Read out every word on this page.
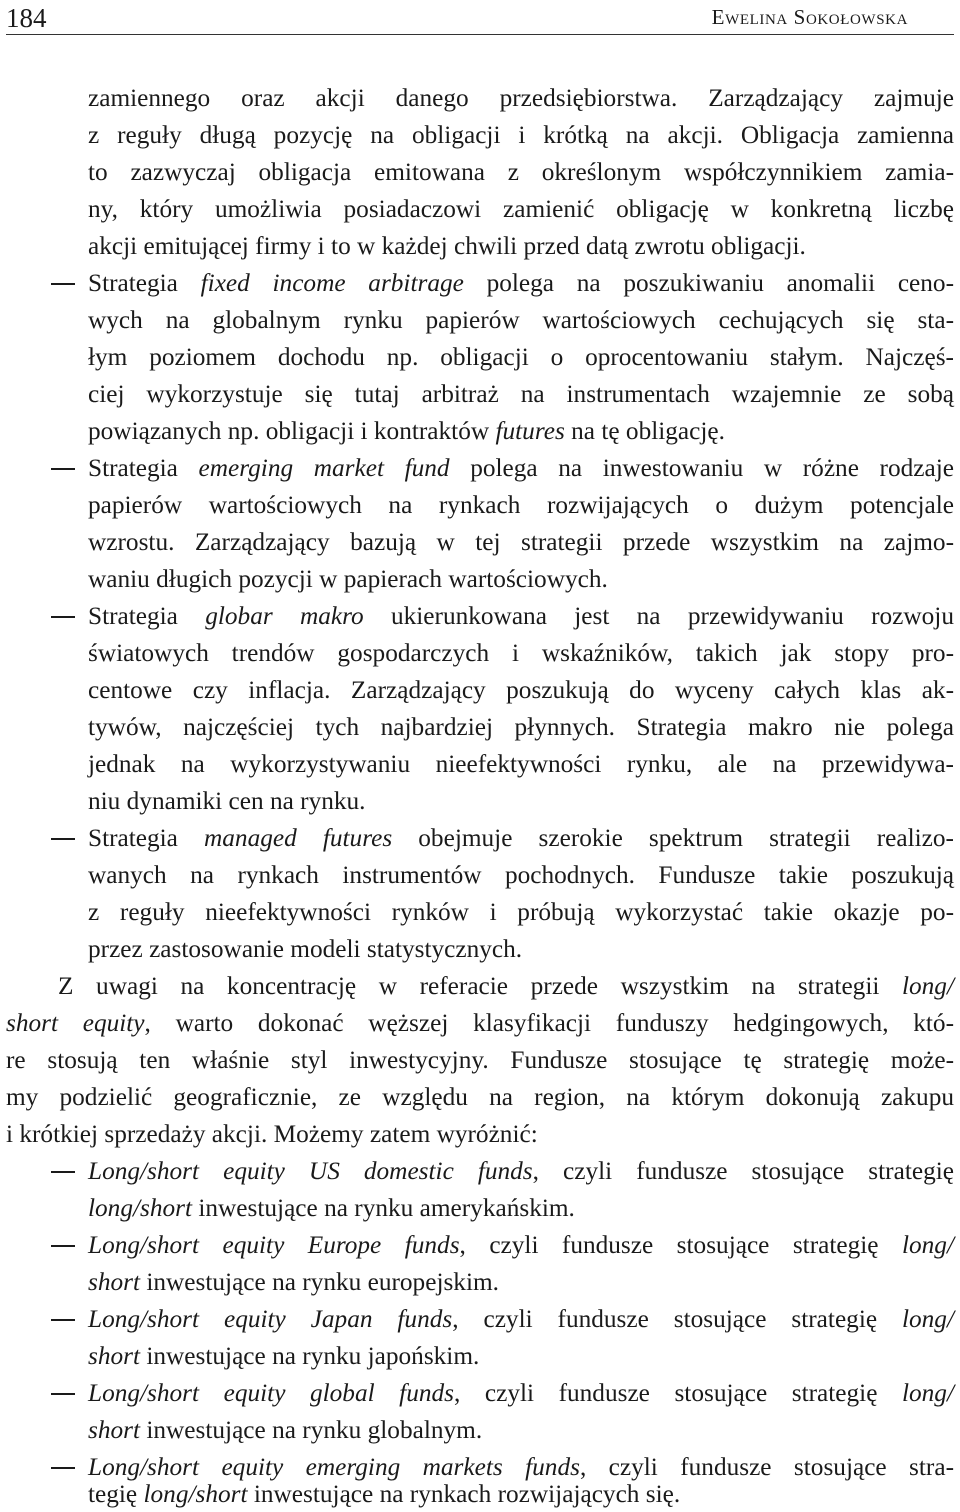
184	Ewelina Sokołowska
zamiennego oraz akcji danego przedsiębiorstwa. Zarządzający zajmuje
z reguły długą pozycję na obligacji i krótką na akcji. Obligacja zamienna
to zazwyczaj obligacja emitowana z określonym współczynnikiem zamia-
ny, który umożliwia posiadaczowi zamienić obligację w konkretną liczbę
akcji emitującej firmy i to w każdej chwili przed datą zwrotu obligacji.
Strategia fixed income arbitrage polega na poszukiwaniu anomalii ceno-
wych na globalnym rynku papierów wartościowych cechujących się sta-
łym poziomem dochodu np. obligacji o oprocentowaniu stałym. Najczęś-
ciej wykorzystuje się tutaj arbitraż na instrumentach wzajemnie ze sobą
powiązanych np. obligacji i kontraktów futures na tę obligację.
Strategia emerging market fund polega na inwestowaniu w różne rodzaje
papierów wartościowych na rynkach rozwijających o dużym potencjale
wzrostu. Zarządzający bazują w tej strategii przede wszystkim na zajmo-
waniu długich pozycji w papierach wartościowych.
Strategia globar makro ukierunkowana jest na przewidywaniu rozwoju
światowych trendów gospodarczych i wskaźników, takich jak stopy pro-
centowe czy inflacja. Zarządzający poszukują do wyceny całych klas ak-
tywów, najczęściej tych najbardziej płynnych. Strategia makro nie polega
jednak na wykorzystywaniu nieefektywności rynku, ale na przewidywa-
niu dynamiki cen na rynku.
Strategia managed futures obejmuje szerokie spektrum strategii realizo-
wanych na rynkach instrumentów pochodnych. Fundusze takie poszukują
z reguły nieefektywności rynków i próbują wykorzystać takie okazje po-
przez zastosowanie modeli statystycznych.
Z uwagi na koncentrację w referacie przede wszystkim na strategii long/
short equity, warto dokonać węższej klasyfikacji funduszy hedgingowych, któ-
re stosują ten właśnie styl inwestycyjny. Fundusze stosujące tę strategię może-
my podzielić geograficznie, ze względu na region, na którym dokonują zakupu
i krótkiej sprzedaży akcji. Możemy zatem wyróżnić:
Long/short equity US domestic funds, czyli fundusze stosujące strategię
long/short inwestujące na rynku amerykańskim.
Long/short equity Europe funds, czyli fundusze stosujące strategię long/
short inwestujące na rynku europejskim.
Long/short equity Japan funds, czyli fundusze stosujące strategię long/
short inwestujące na rynku japońskim.
Long/short equity global funds, czyli fundusze stosujące strategię long/
short inwestujące na rynku globalnym.
Long/short equity emerging markets funds, czyli fundusze stosujące stra-
tegię long/short inwestujące na rynkach rozwijających się.
